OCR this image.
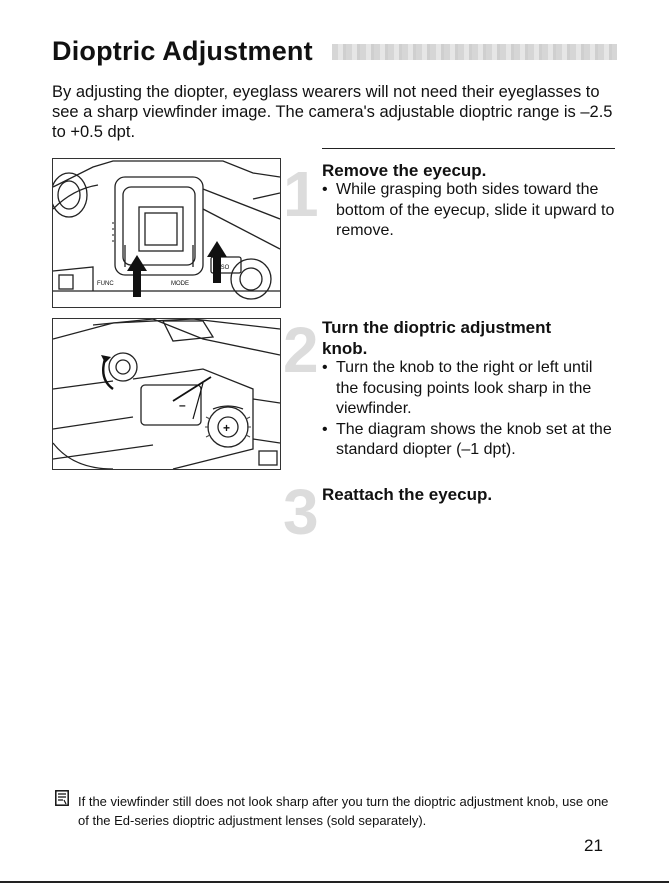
Dioptric Adjustment

By adjusting the diopter, eyeglass wearers will not need their eyeglasses to see a sharp viewfinder image. The camera's adjustable dioptric range is –2.5 to +0.5 dpt.

ISO
MODE
FUNC
+
–
1 Remove the eyecup.
• While grasping both sides toward the bottom of the eyecup, slide it upward to remove.
2 Turn the dioptric adjustment knob.
• Turn the knob to the right or left until the focusing points look sharp in the viewfinder.
• The diagram shows the knob set at the standard diopter (–1 dpt).
3 Reattach the eyecup.

If the viewfinder still does not look sharp after you turn the dioptric adjustment knob, use one of the Ed-series dioptric adjustment lenses (sold separately).

21
